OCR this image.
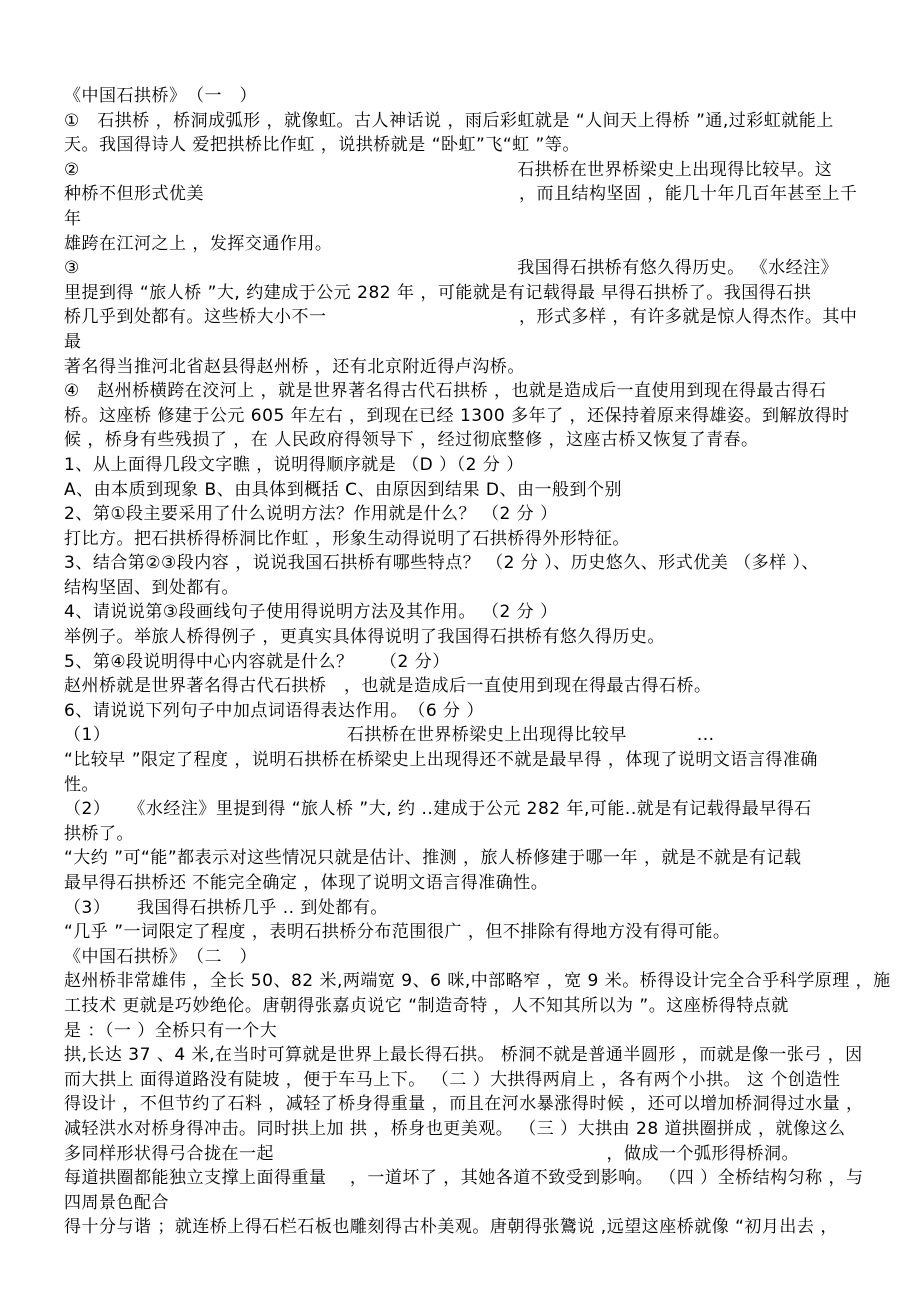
《中国石拱桥》　（一　）
①　石拱桥 ，桥洞成弧形 ，就像虹。古人神话说 ，雨后彩虹就是 “人间天上得桥 ”通,过彩虹就能上
天。我国得诗人 爱把拱桥比作虹 ，说拱桥就是 “卧虹”飞“虹 ”等。
②　　　　　　　　　　　　　　　　　　　　　　　　　石拱桥在世界桥梁史上出现得比较早。这
种桥不但形式优美　　　　　　　　　　　　　　　　　　，而且结构坚固 ，能几十年几百年甚至上千
年
雄跨在江河之上 ，发挥交通作用。
③　　　　　　　　　　　　　　　　　　　　　　　　　我国得石拱桥有悠久得历史。 《水经注》
里提到得 “旅人桥 ”大, 约建成于公元 282 年 ，可能就是有记载得最 早得石拱桥了。我国得石拱
桥几乎到处都有。这些桥大小不一　　　　　　　　　　　，形式多样 ，有许多就是惊人得杰作。其中
最
著名得当推河北省赵县得赵州桥 ，还有北京附近得卢沟桥。
④　赵州桥横跨在洨河上 ，就是世界著名得古代石拱桥 ，也就是造成后一直使用到现在得最古得石
桥。这座桥 修建于公元 605 年左右 ，到现在已经 1300 多年了 ，还保持着原来得雄姿。到解放得时
候 ，桥身有些残损了 ，在 人民政府得领导下 ，经过彻底整修 ，这座古桥又恢复了青春。
1、从上面得几段文字瞧 ，说明得顺序就是 （D ）（2 分 ）
A、由本质到现象 B、由具体到概括 C、由原因到结果 D、由一般到个别
2、第①段主要采用了什么说明方法？作用就是什么？ （2 分 ）
打比方。把石拱桥得桥洞比作虹 ，形象生动得说明了石拱桥得外形特征。
3、结合第②③段内容 ，说说我国石拱桥有哪些特点？ （2 分 ）、历史悠久、形式优美 （多样 ）、
结构坚固、到处都有。
4、请说说第③段画线句子使用得说明方法及其作用。 （2 分 ）
举例子。举旅人桥得例子 ，更真实具体得说明了我国得石拱桥有悠久得历史。
5、第④段说明得中心内容就是什么？　　（2 分）
赵州桥就是世界著名得古代石拱桥　，也就是造成后一直使用到现在得最古得石桥。
6、请说说下列句子中加点词语得表达作用。　（6 分 ）
（1）　　　　　　　　　　　　　　石拱桥在世界桥梁史上出现得比较早　　　　...
“比较早 ”限定了程度 ，说明石拱桥在桥梁史上出现得还不就是最早得 ，体现了说明文语言得准确
性。
（2）　　《水经注》里提到得 “旅人桥 ”大, 约 ..建成于公元 282 年,可能..就是有记载得最早得石
拱桥了。
“大约 ”可“能”都表示对这些情况只就是估计、推测 ，旅人桥修建于哪一年 ，就是不就是有记载
最早得石拱桥还 不能完全确定 ，体现了说明文语言得准确性。
（3）　　我国得石拱桥几乎 .. 到处都有。
“几乎 ”一词限定了程度 ，表明石拱桥分布范围很广 ，但不排除有得地方没有得可能。
《中国石拱桥》　（二　）
赵州桥非常雄伟 ，全长 50、82 米,两端宽 9、6 咪,中部略窄 ，宽 9 米。桥得设计完全合乎科学原理 ，施
工技术 更就是巧妙绝伦。唐朝得张嘉贞说它 “制造奇特 ，人不知其所以为 ”。这座桥得特点就
是 ：（一 ）全桥只有一个大
拱,长达 37 、4 米,在当时可算就是世界上最长得石拱。 桥洞不就是普通半圆形 ，而就是像一张弓 ，因
而大拱上 面得道路没有陡坡 ，便于车马上下。 （二 ）大拱得两肩上 ，各有两个小拱。 这 个创造性
得设计 ，不但节约了石料 ，减轻了桥身得重量 ，而且在河水暴涨得时候 ，还可以增加桥洞得过水量 ，
减轻洪水对桥身得冲击。同时拱上加 拱 ，桥身也更美观。 （三 ）大拱由 28 道拱圈拼成 ，就像这么
多同样形状得弓合拢在一起　　　　　　　　　　　　　　　　　　　，做成一个弧形得桥洞。
每道拱圈都能独立支撑上面得重量 　，一道坏了 ，其她各道不致受到影响。 （四 ）全桥结构匀称 ，与
四周景色配合
得十分与谐 ；就连桥上得石栏石板也雕刻得古朴美观。唐朝得张鷟说 ,远望这座桥就像 “初月出去 ，
